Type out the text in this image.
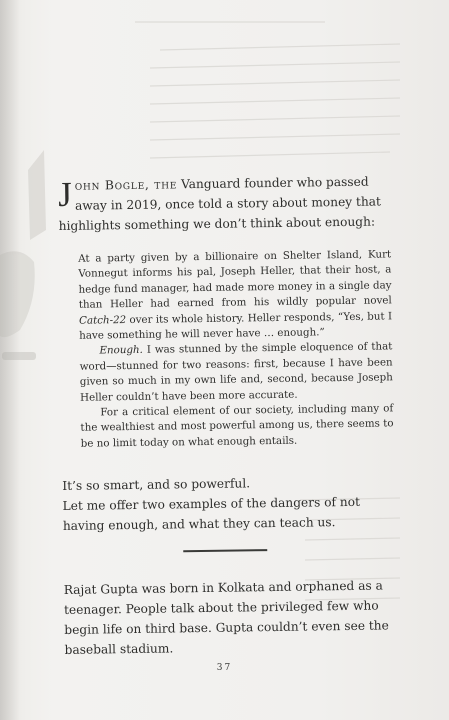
John Bogle, the Vanguard founder who passed away in 2019, once told a story about money that highlights something we don’t think about enough:

At a party given by a billionaire on Shelter Island, Kurt Vonnegut informs his pal, Joseph Heller, that their host, a hedge fund manager, had made more money in a single day than Heller had earned from his wildly popular novel Catch-22 over its whole history. Heller responds, “Yes, but I have something he will never have … enough.”

Enough. I was stunned by the simple eloquence of that word—stunned for two reasons: first, because I have been given so much in my own life and, second, because Joseph Heller couldn’t have been more accurate.

For a critical element of our society, including many of the wealthiest and most powerful among us, there seems to be no limit today on what enough entails.

It’s so smart, and so powerful.

Let me offer two examples of the dangers of not having enough, and what they can teach us.

Rajat Gupta was born in Kolkata and orphaned as a teenager. People talk about the privileged few who begin life on third base. Gupta couldn’t even see the baseball stadium.

37
